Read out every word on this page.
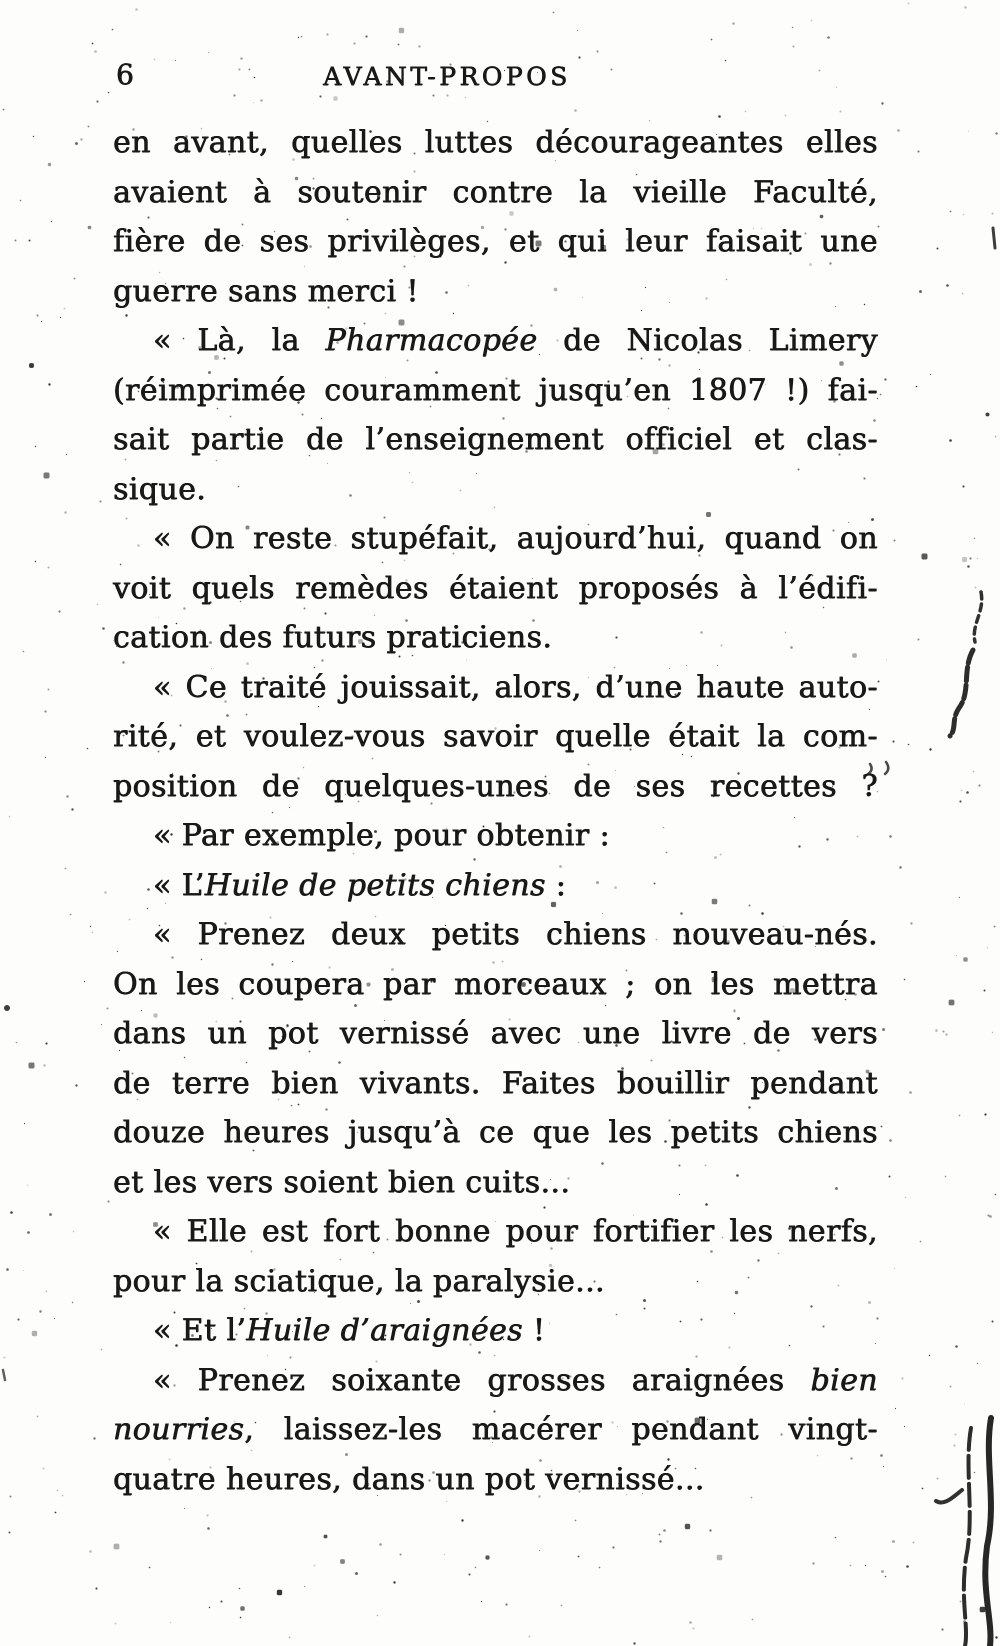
6	AVANT-PROPOS
en avant, quelles luttes décourageantes elles
avaient à soutenir contre la vieille Faculté,
fière de ses privilèges, et qui leur faisait une
guerre sans merci !
« Là, la Pharmacopée de Nicolas Limery
(réimprimée couramment jusqu’en 1807 !) fai-
sait partie de l’enseignement officiel et clas-
sique.
« On reste stupéfait, aujourd’hui, quand on
voit quels remèdes étaient proposés à l’édifi-
cation des futurs praticiens.
« Ce traité jouissait, alors, d’une haute auto-
rité, et voulez-vous savoir quelle était la com-
position de quelques-unes de ses recettes ?
« Par exemple, pour obtenir :
« L’Huile de petits chiens :
« Prenez deux petits chiens nouveau-nés.
On les coupera par morceaux ; on les mettra
dans un pot vernissé avec une livre de vers
de terre bien vivants. Faites bouillir pendant
douze heures jusqu’à ce que les petits chiens
et les vers soient bien cuits...
« Elle est fort bonne pour fortifier les nerfs,
pour la sciatique, la paralysie...
« Et l’Huile d’araignées !
« Prenez soixante grosses araignées bien
nourries, laissez-les macérer pendant vingt-
quatre heures, dans un pot vernissé...
